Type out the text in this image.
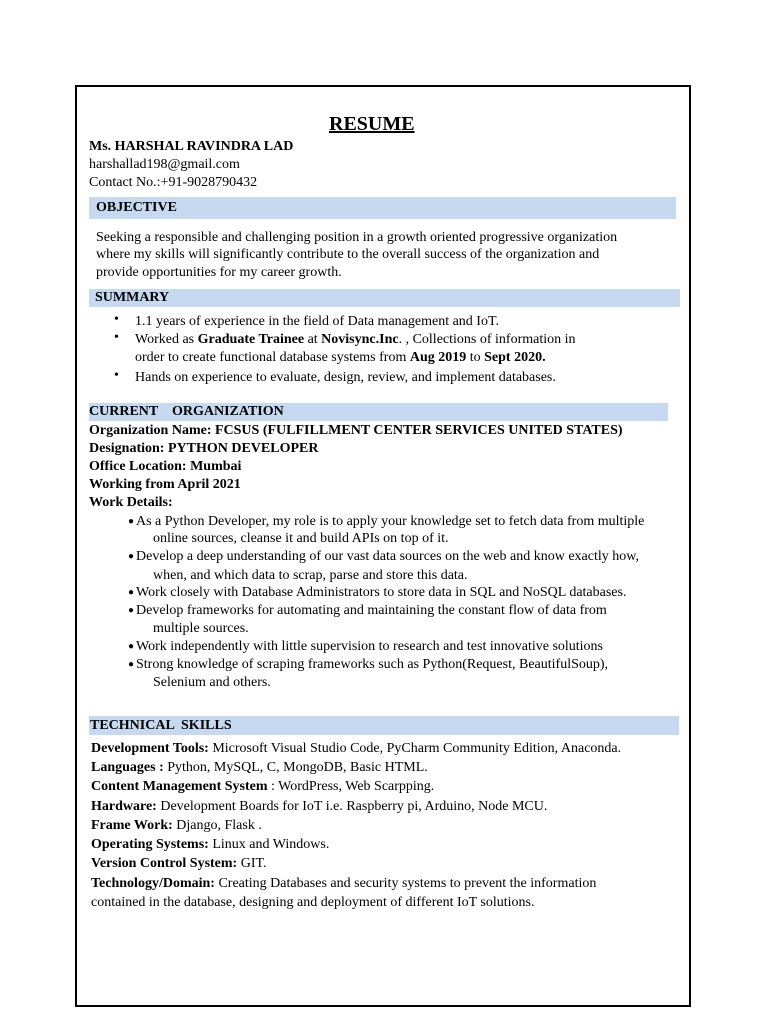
RESUME
Ms. HARSHAL RAVINDRA LAD
harshallad198@gmail.com
Contact No.:+91-9028790432
OBJECTIVE
Seeking a responsible and challenging position in a growth oriented progressive organization
where my skills will significantly contribute to the overall success of the organization and
provide opportunities for my career growth.
SUMMARY
• 1.1 years of experience in the field of Data management and IoT.
• Worked as Graduate Trainee at Novisync.Inc. , Collections of information in
order to create functional database systems from Aug 2019 to Sept 2020.
• Hands on experience to evaluate, design, review, and implement databases.
CURRENT    ORGANIZATION
Organization Name: FCSUS (FULFILLMENT CENTER SERVICES UNITED STATES)
Designation: PYTHON DEVELOPER
Office Location: Mumbai
Working from April 2021
Work Details:
● As a Python Developer, my role is to apply your knowledge set to fetch data from multiple
online sources, cleanse it and build APIs on top of it.
● Develop a deep understanding of our vast data sources on the web and know exactly how,
when, and which data to scrap, parse and store this data.
● Work closely with Database Administrators to store data in SQL and NoSQL databases.
● Develop frameworks for automating and maintaining the constant flow of data from
multiple sources.
● Work independently with little supervision to research and test innovative solutions
● Strong knowledge of scraping frameworks such as Python(Request, BeautifulSoup),
Selenium and others.
TECHNICAL  SKILLS
Development Tools: Microsoft Visual Studio Code, PyCharm Community Edition, Anaconda.
Languages : Python, MySQL, C, MongoDB, Basic HTML.
Content Management System : WordPress, Web Scarpping.
Hardware: Development Boards for IoT i.e. Raspberry pi, Arduino, Node MCU.
Frame Work: Django, Flask .
Operating Systems: Linux and Windows.
Version Control System: GIT.
Technology/Domain: Creating Databases and security systems to prevent the information
contained in the database, designing and deployment of different IoT solutions.
